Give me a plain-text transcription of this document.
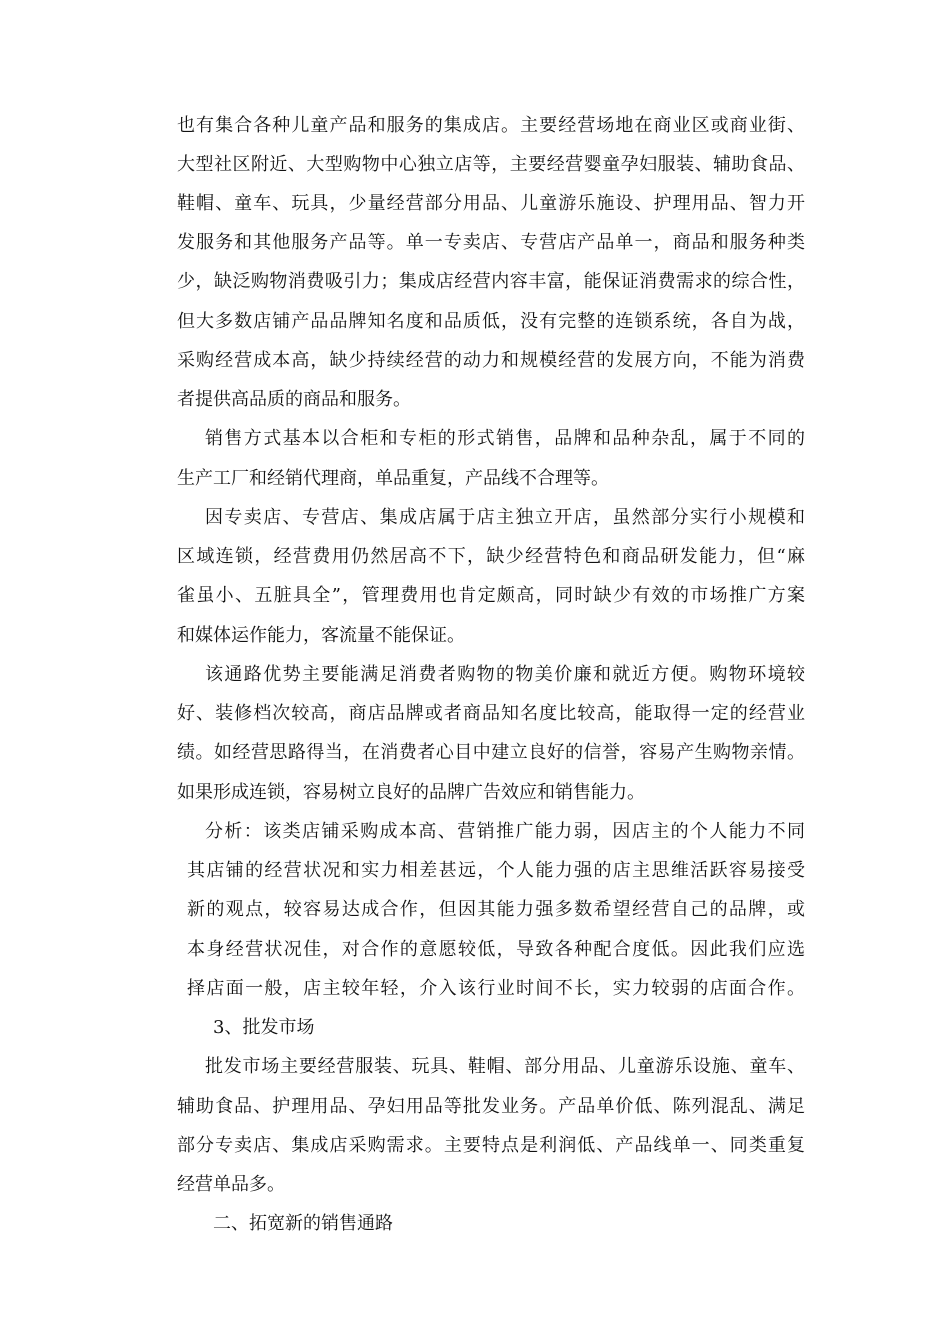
也有集合各种儿童产品和服务的集成店。主要经营场地在商业区或商业街、
大型社区附近、大型购物中心独立店等，主要经营婴童孕妇服装、辅助食品、
鞋帽、童车、玩具，少量经营部分用品、儿童游乐施设、护理用品、智力开
发服务和其他服务产品等。单一专卖店、专营店产品单一，商品和服务种类
少，缺泛购物消费吸引力；集成店经营内容丰富，能保证消费需求的综合性，
但大多数店铺产品品牌知名度和品质低，没有完整的连锁系统，各自为战，
采购经营成本高，缺少持续经营的动力和规模经营的发展方向，不能为消费
者提供高品质的商品和服务。
销售方式基本以合柜和专柜的形式销售，品牌和品种杂乱，属于不同的
生产工厂和经销代理商，单品重复，产品线不合理等。
因专卖店、专营店、集成店属于店主独立开店，虽然部分实行小规模和
区域连锁，经营费用仍然居高不下，缺少经营特色和商品研发能力，但“麻
雀虽小、五脏具全”，管理费用也肯定颇高，同时缺少有效的市场推广方案
和媒体运作能力，客流量不能保证。
该通路优势主要能满足消费者购物的物美价廉和就近方便。购物环境较
好、装修档次较高，商店品牌或者商品知名度比较高，能取得一定的经营业
绩。如经营思路得当，在消费者心目中建立良好的信誉，容易产生购物亲情。
如果形成连锁，容易树立良好的品牌广告效应和销售能力。
分析：该类店铺采购成本高、营销推广能力弱，因店主的个人能力不同
其店铺的经营状况和实力相差甚远，个人能力强的店主思维活跃容易接受
新的观点，较容易达成合作，但因其能力强多数希望经营自己的品牌，或
本身经营状况佳，对合作的意愿较低，导致各种配合度低。因此我们应选
择店面一般，店主较年轻，介入该行业时间不长，实力较弱的店面合作。
3、批发市场
批发市场主要经营服装、玩具、鞋帽、部分用品、儿童游乐设施、童车、
辅助食品、护理用品、孕妇用品等批发业务。产品单价低、陈列混乱、满足
部分专卖店、集成店采购需求。主要特点是利润低、产品线单一、同类重复
经营单品多。
二、拓宽新的销售通路
